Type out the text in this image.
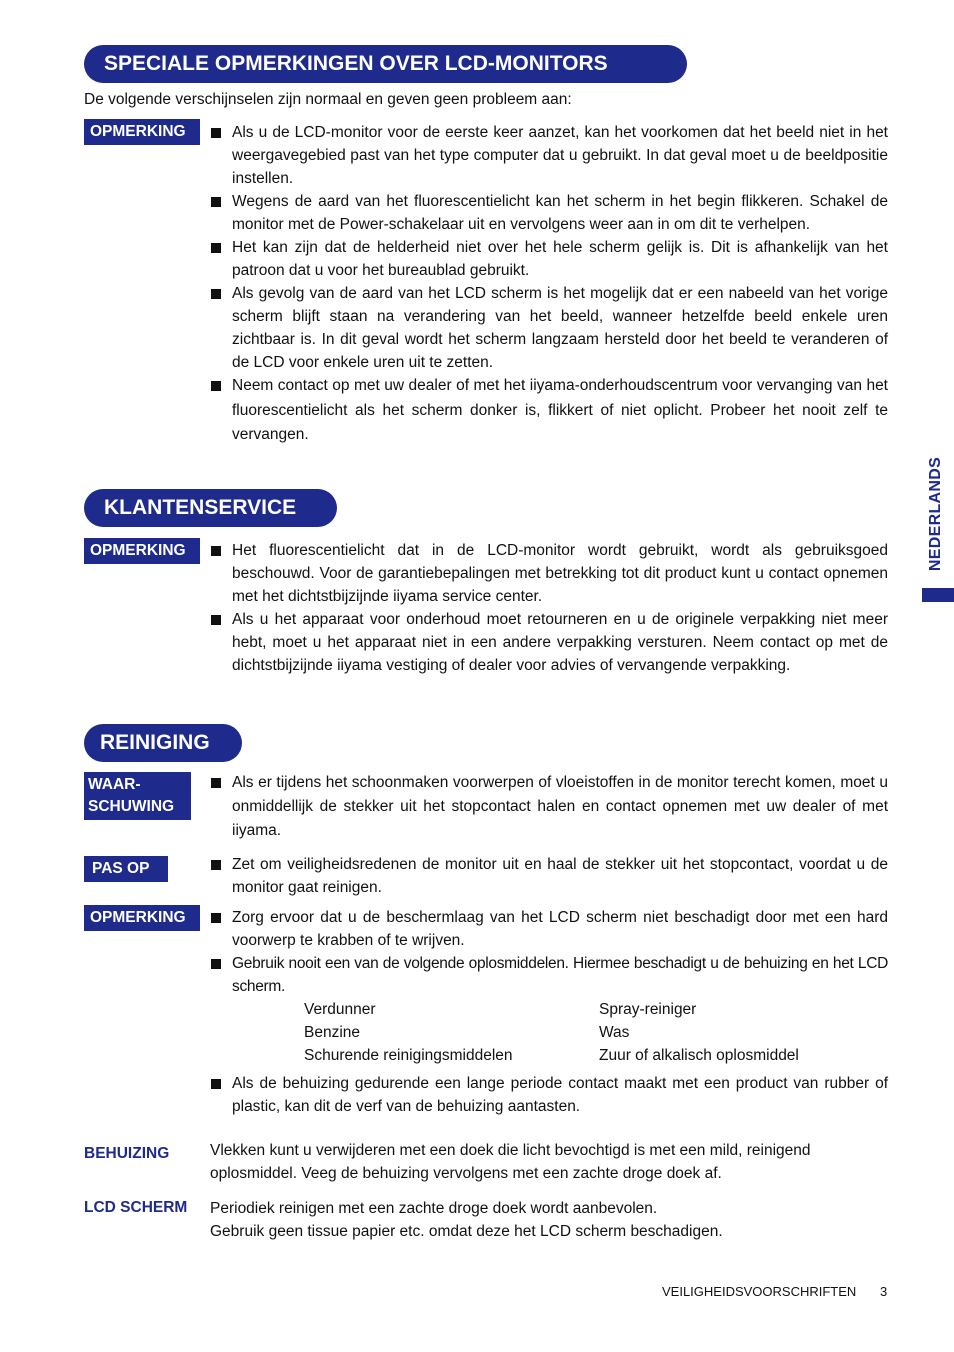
SPECIALE OPMERKINGEN OVER LCD-MONITORS
De volgende verschijnselen zijn normaal en geven geen probleem aan:
OPMERKING	Als u de LCD-monitor voor de eerste keer aanzet, kan het voorkomen dat het beeld niet in het weergavegebied past van het type computer dat u gebruikt. In dat geval moet u de beeldpositie instellen.
Wegens de aard van het fluorescentielicht kan het scherm in het begin flikkeren. Schakel de monitor met de Power-schakelaar uit en vervolgens weer aan in om dit te verhelpen.
Het kan zijn dat de helderheid niet over het hele scherm gelijk is. Dit is afhankelijk van het patroon dat u voor het bureaublad gebruikt.
Als gevolg van de aard van het LCD scherm is het mogelijk dat er een nabeeld van het vorige scherm blijft staan na verandering van het beeld, wanneer hetzelfde beeld enkele uren zichtbaar is. In dit geval wordt het scherm langzaam hersteld door het beeld te veranderen of de LCD voor enkele uren uit te zetten.
Neem contact op met uw dealer of met het iiyama-onderhoudscentrum voor vervanging van het fluorescentielicht als het scherm donker is, flikkert of niet oplicht. Probeer het nooit zelf te vervangen.
KLANTENSERVICE
OPMERKING	Het fluorescentielicht dat in de LCD-monitor wordt gebruikt, wordt als gebruiksgoed beschouwd. Voor de garantiebepalingen met betrekking tot dit product kunt u contact opnemen met het dichtstbijzijnde iiyama service center.
Als u het apparaat voor onderhoud moet retourneren en u de originele verpakking niet meer hebt, moet u het apparaat niet in een andere verpakking versturen. Neem contact op met de dichtstbijzijnde iiyama vestiging of dealer voor advies of vervangende verpakking.
REINIGING
WAAR-
SCHUWING
Als er tijdens het schoonmaken voorwerpen of vloeistoffen in de monitor terecht komen, moet u onmiddellijk de stekker uit het stopcontact halen en contact opnemen met uw dealer of met iiyama.
PAS OP	Zet om veiligheidsredenen de monitor uit en haal de stekker uit het stopcontact, voordat u de monitor gaat reinigen.
OPMERKING	Zorg ervoor dat u de beschermlaag van het LCD scherm niet beschadigt door met een hard voorwerp te krabben of te wrijven.
Gebruik nooit een van de volgende oplosmiddelen. Hiermee beschadigt u de behuizing en het LCD scherm.
Verdunner	Spray-reiniger
Benzine	Was
Schurende reinigingsmiddelen	Zuur of alkalisch oplosmiddel
Als de behuizing gedurende een lange periode contact maakt met een product van rubber of plastic, kan dit de verf van de behuizing aantasten.
BEHUIZING	Vlekken kunt u verwijderen met een doek die licht bevochtigd is met een mild, reinigend oplosmiddel. Veeg de behuizing vervolgens met een zachte droge doek af.
LCD SCHERM Periodiek reinigen met een zachte droge doek wordt aanbevolen.
Gebruik geen tissue papier etc. omdat deze het LCD scherm beschadigen.
NEDERLANDS
VEILIGHEIDSVOORSCHRIFTEN 3
